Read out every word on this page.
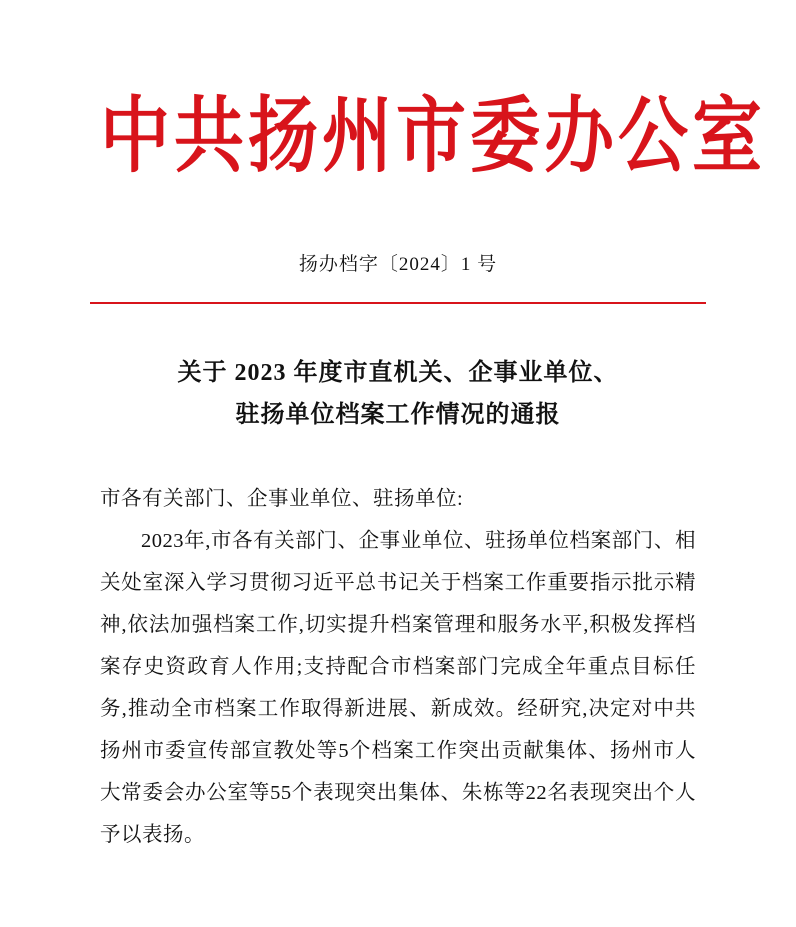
中共扬州市委办公室
扬办档字〔2024〕1 号
关于 2023 年度市直机关、企事业单位、
驻扬单位档案工作情况的通报

市各有关部门、企事业单位、驻扬单位:

2023年,市各有关部门、企事业单位、驻扬单位档案部门、相关处室深入学习贯彻习近平总书记关于档案工作重要指示批示精神,依法加强档案工作,切实提升档案管理和服务水平,积极发挥档案存史资政育人作用;支持配合市档案部门完成全年重点目标任务,推动全市档案工作取得新进展、新成效。经研究,决定对中共扬州市委宣传部宣教处等5个档案工作突出贡献集体、扬州市人大常委会办公室等55个表现突出集体、朱栋等22名表现突出个人予以表扬。
